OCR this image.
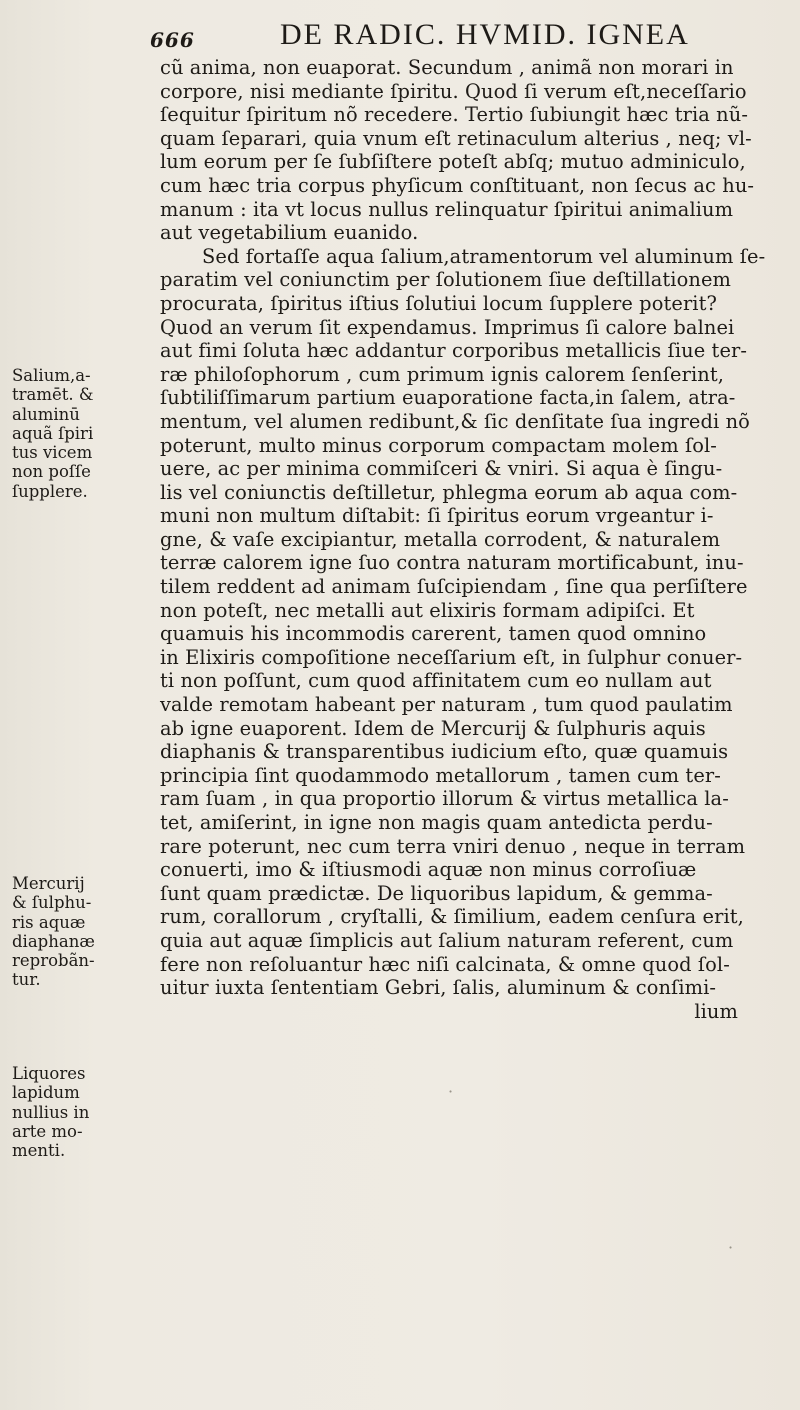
666	DE RADIC. HVMID. IGNEA
cũ anima, non euaporat. Secundum , animã non morari in
corpore, nisi mediante ſpiritu. Quod ſi verum eſt,neceſſario
ſequitur ſpiritum nõ recedere. Tertio ſubiungit hæc tria nũ-
quam ſeparari, quia vnum eſt retinaculum alterius , neq; vl-
lum eorum per ſe ſubſiſtere poteſt abſq; mutuo adminiculo,
cum hæc tria corpus phyſicum conſtituant, non ſecus ac hu-
manum : ita vt locus nullus relinquatur ſpiritui animalium
aut vegetabilium euanido.
Sed fortaſſe aqua ſalium,atramentorum vel aluminum ſe-
paratim vel coniunctim per ſolutionem ſiue deſtillationem
procurata, ſpiritus iſtius ſolutiui locum ſupplere poterit?
Quod an verum ſit expendamus. Imprimus ſi calore balnei
aut fimi ſoluta hæc addantur corporibus metallicis ſiue ter-
ræ philoſophorum , cum primum ignis calorem ſenſerint,
ſubtiliſſimarum partium euaporatione facta,in ſalem, atra-
mentum, vel alumen redibunt,& ſic denſitate ſua ingredi nõ
poterunt, multo minus corporum compactam molem ſol-
uere, ac per minima commiſceri & vniri. Si aqua è ſingu-
lis vel coniunctis deſtilletur, phlegma eorum ab aqua com-
muni non multum diſtabit: ſi ſpiritus eorum vrgeantur i-
gne, & vaſe excipiantur, metalla corrodent, & naturalem
terræ calorem igne ſuo contra naturam mortificabunt, inu-
tilem reddent ad animam ſuſcipiendam , ſine qua perſiſtere
non poteſt, nec metalli aut elixiris formam adipiſci. Et
quamuis his incommodis carerent, tamen quod omnino
in Elixiris compoſitione neceſſarium eſt, in ſulphur conuer-
ti non poſſunt, cum quod affinitatem cum eo nullam aut
valde remotam habeant per naturam , tum quod paulatim
ab igne euaporent. Idem de Mercurij & ſulphuris aquis
diaphanis & transparentibus iudicium eſto, quæ quamuis
principia ſint quodammodo metallorum , tamen cum ter-
ram ſuam , in qua proportio illorum & virtus metallica la-
tet, amiſerint, in igne non magis quam antedicta perdu-
rare poterunt, nec cum terra vniri denuo , neque in terram
conuerti, imo & iſtiusmodi aquæ non minus corroſiuæ
ſunt quam prædictæ. De liquoribus lapidum, & gemma-
rum, corallorum , cryſtalli, & ſimilium, eadem cenſura erit,
quia aut aquæ ſimplicis aut ſalium naturam referent, cum
fere non reſoluantur hæc niſi calcinata, & omne quod ſol-
uitur iuxta ſententiam Gebri, ſalis, aluminum & conſimi-
lium
Salium,a-
tramēt. &
aluminū
aquã ſpiri
tus vicem
non poſſe
ſupplere.
Mercurij
& ſulphu-
ris aquæ
diaphanæ
reprobãn-
tur.
Liquores
lapidum
nullius in
arte mo-
menti.
·
·
